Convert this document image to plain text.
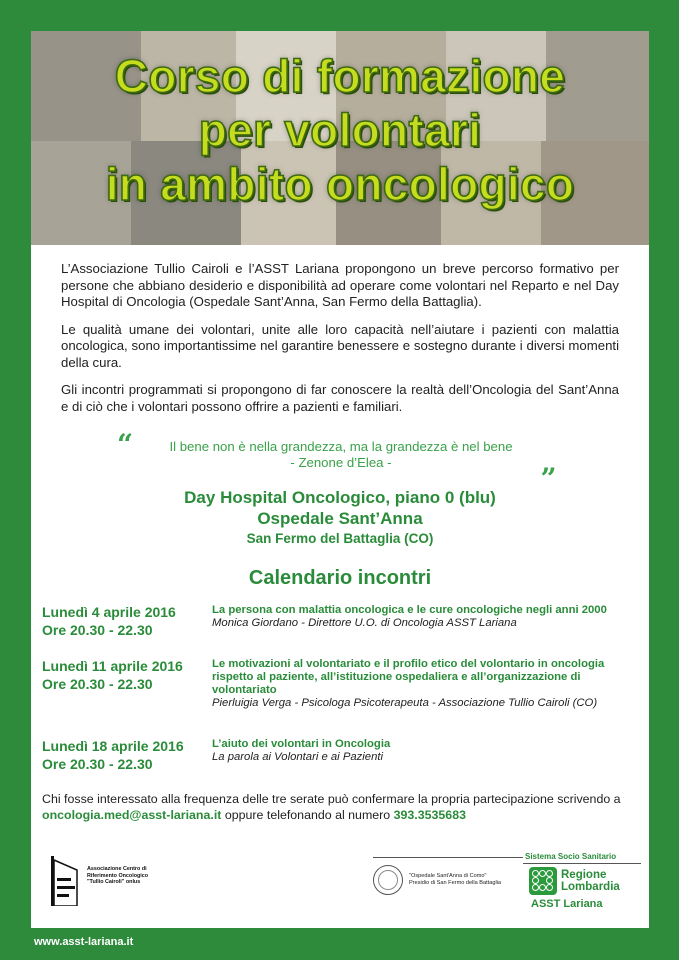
Corso di formazione
per volontari
in ambito oncologico

L’Associazione Tullio Cairoli e l’ASST Lariana propongono un breve percorso formativo per persone che abbiano desiderio e disponibilità ad operare come volontari nel Reparto e nel Day Hospital di Oncologia (Ospedale Sant’Anna, San Fermo della Battaglia).

Le qualità umane dei volontari, unite alle loro capacità nell’aiutare i pazienti con malattia oncologica, sono importantissime nel garantire benessere e sostegno durante i diversi momenti della cura.

Gli incontri programmati si propongono di far conoscere la realtà dell’Oncologia del Sant’Anna e di ciò che i volontari possono offrire a pazienti e familiari.

“	Il bene non è nella grandezza, ma la grandezza è nel bene
- Zenone d’Elea -	„
Day Hospital Oncologico, piano 0 (blu)
Ospedale Sant’Anna
San Fermo del Battaglia (CO)
Calendario incontri
Lunedì 4 aprile 2016
Ore 20.30 - 22.30
La persona con malattia oncologica e le cure oncologiche negli anni 2000
Monica Giordano - Direttore U.O. di Oncologia ASST Lariana
Lunedì 11 aprile 2016
Ore 20.30 - 22.30
Le motivazioni al volontariato e il profilo etico del volontario in oncologia rispetto al paziente, all’istituzione ospedaliera e all’organizzazione di volontariato
Pierluigia Verga - Psicologa Psicoterapeuta - Associazione Tullio Cairoli (CO)
Lunedì 18 aprile 2016
Ore 20.30 - 22.30
L’aiuto dei volontari in Oncologia
La parola ai Volontari e ai Pazienti
Chi fosse interessato alla frequenza delle tre serate può confermare la propria partecipazione scrivendo a
oncologia.med@asst-lariana.it oppure telefonando al numero 393.3535683
Associazione Centro di
Riferimento Oncologico
"Tullio Cairoli" onlus
"Ospedale Sant'Anna di Como"
Presidio di San Fermo della Battaglia
Sistema Socio Sanitario
Regione
Lombardia
ASST Lariana
www.asst-lariana.it
